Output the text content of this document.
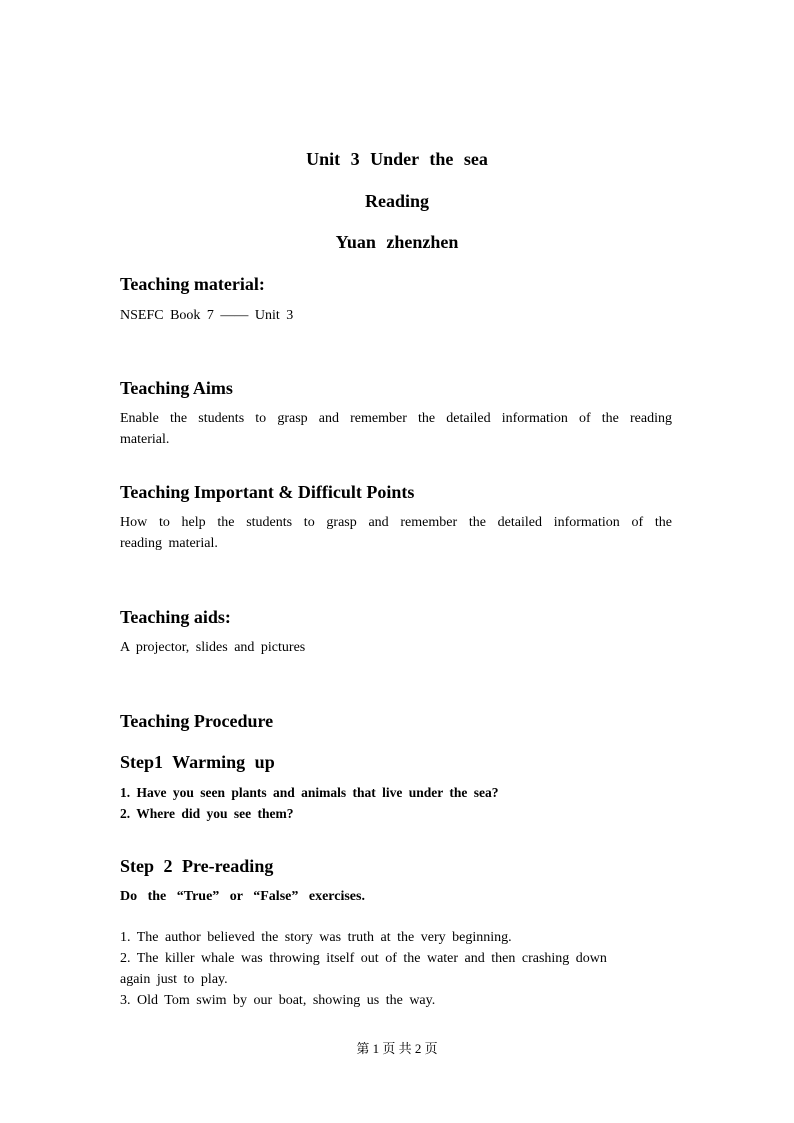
Unit 3 Under the sea
Reading
Yuan zhenzhen
Teaching material:
NSEFC Book 7 —— Unit 3
Teaching Aims
Enable the students to grasp and remember the detailed information of the reading
material.
Teaching Important & Difficult Points
How to help the students to grasp and remember the detailed information of the
reading material.
Teaching aids:
A projector, slides and pictures
Teaching Procedure
Step1 Warming up
1. Have you seen plants and animals that live under the sea?
2. Where did you see them?
Step 2 Pre-reading
Do the “True” or “False” exercises.
1. The author believed the story was truth at the very beginning.
2. The killer whale was throwing itself out of the water and then crashing down
again just to play.
3. Old Tom swim by our boat, showing us the way.
第 1 页 共 2 页
